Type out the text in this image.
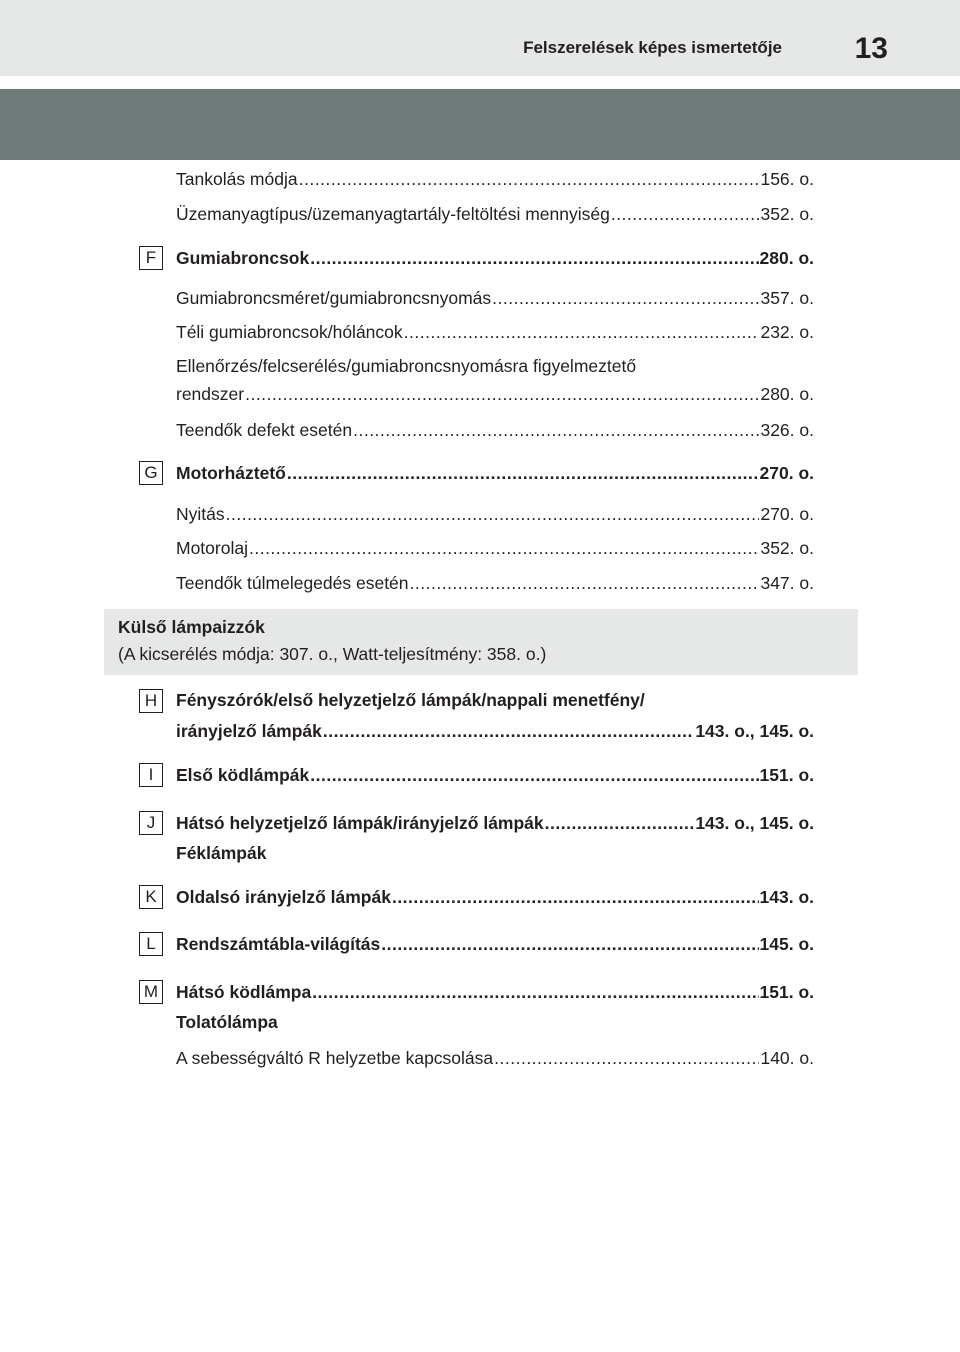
Felszerelések képes ismertetője 13
Tankolás módja .....	156. o.
Üzemanyagtípus/üzemanyagtartály-feltöltési mennyiség .....	352. o.
F	Gumiabroncsok .....	280. o.
Gumiabroncsméret/gumiabroncsnyomás .....	357. o.
Téli gumiabroncsok/hóláncok .....	232. o.
Ellenőrzés/felcserélés/gumiabroncsnyomásra figyelmeztető
rendszer .....	280. o.
Teendők defekt esetén .....	326. o.
G	Motorháztető .....	270. o.
Nyitás .....	270. o.
Motorolaj .....	352. o.
Teendők túlmelegedés esetén .....	347. o.
Külső lámpaizzók
(A kicserélés módja: 307. o., Watt-teljesítmény: 358. o.)
H	Fényszórók/első helyzetjelző lámpák/nappali menetfény/
irányjelző lámpák .....	143. o., 145. o.
I	Első ködlámpák .....	151. o.
J	Hátsó helyzetjelző lámpák/irányjelző lámpák .....	143. o., 145. o.
Féklámpák
K	Oldalsó irányjelző lámpák .....	143. o.
L	Rendszámtábla-világítás .....	145. o.
M Hátsó ködlámpa .....	151. o.
Tolatólámpa
A sebességváltó R helyzetbe kapcsolása .....	140. o.
